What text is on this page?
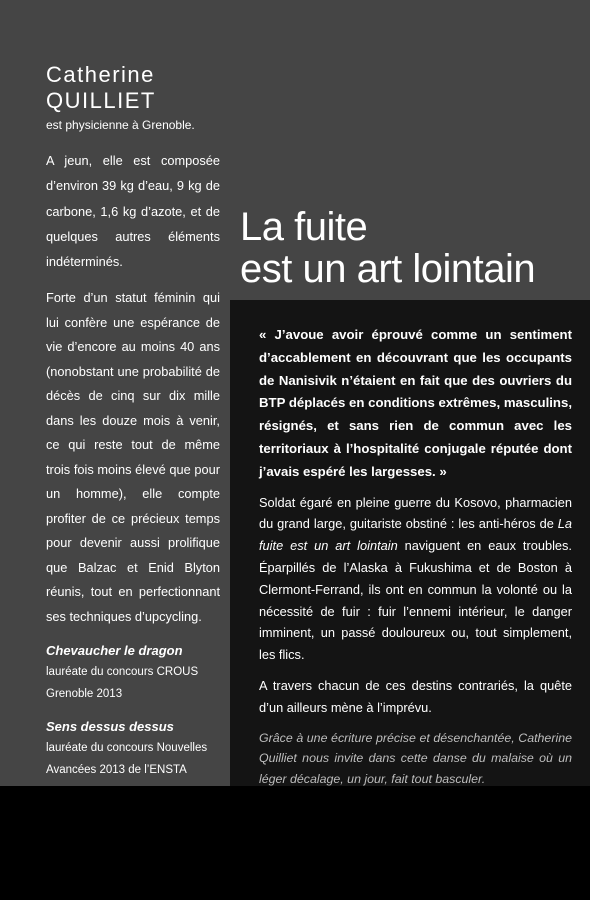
Catherine
QUILLIET
est physicienne à Grenoble.

A jeun, elle est composée d’environ 39 kg d’eau, 9 kg de carbone, 1,6 kg d’azote, et de quelques autres éléments indéterminés.

Forte d’un statut féminin qui lui confère une espérance de vie d’encore au moins 40 ans (nonobstant une probabilité de décès de cinq sur dix mille dans les douze mois à venir, ce qui reste tout de même trois fois moins élevé que pour un homme), elle compte profiter de ce précieux temps pour devenir aussi prolifique que Balzac et Enid Blyton réunis, tout en perfectionnant ses techniques d’upcycling.

Chevaucher le dragon
lauréate du concours CROUS
Grenoble 2013
Sens dessus dessus
lauréate du concours Nouvelles
Avancées 2013 de l’ENSTA
La fuite
est un art lointain

« J’avoue avoir éprouvé comme un sentiment d’accablement en découvrant que les occupants de Nanisivik n’étaient en fait que des ouvriers du BTP déplacés en conditions extrêmes, masculins, résignés, et sans rien de commun avec les territoriaux à l’hospitalité conjugale réputée dont j’avais espéré les largesses. »

Soldat égaré en pleine guerre du Kosovo, pharmacien du grand large, guitariste obstiné : les anti-héros de La fuite est un art lointain naviguent en eaux troubles. Éparpillés de l’Alaska à Fukushima et de Boston à Clermont-Ferrand, ils ont en commun la volonté ou la nécessité de fuir : fuir l’ennemi intérieur, le danger imminent, un passé douloureux ou, tout simplement, les flics.

A travers chacun de ces destins contrariés, la quête d’un ailleurs mène à l’imprévu.

Grâce à une écriture précise et désenchantée, Catherine Quilliet nous invite dans cette danse du malaise où un léger décalage, un jour, fait tout basculer.
